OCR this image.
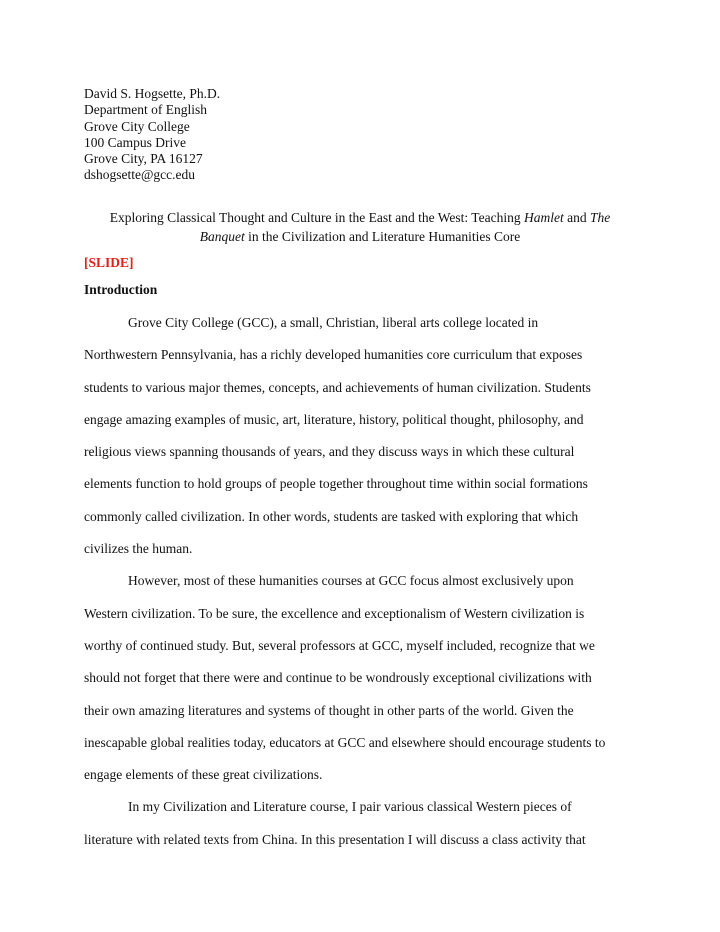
David S. Hogsette, Ph.D.
Department of English
Grove City College
100 Campus Drive
Grove City, PA 16127
dshogsette@gcc.edu
Exploring Classical Thought and Culture in the East and the West: Teaching Hamlet and The
Banquet in the Civilization and Literature Humanities Core
[SLIDE]
Introduction
Grove City College (GCC), a small, Christian, liberal arts college located in
Northwestern Pennsylvania, has a richly developed humanities core curriculum that exposes
students to various major themes, concepts, and achievements of human civilization. Students
engage amazing examples of music, art, literature, history, political thought, philosophy, and
religious views spanning thousands of years, and they discuss ways in which these cultural
elements function to hold groups of people together throughout time within social formations
commonly called civilization. In other words, students are tasked with exploring that which
civilizes the human.
However, most of these humanities courses at GCC focus almost exclusively upon
Western civilization. To be sure, the excellence and exceptionalism of Western civilization is
worthy of continued study. But, several professors at GCC, myself included, recognize that we
should not forget that there were and continue to be wondrously exceptional civilizations with
their own amazing literatures and systems of thought in other parts of the world. Given the
inescapable global realities today, educators at GCC and elsewhere should encourage students to
engage elements of these great civilizations.
In my Civilization and Literature course, I pair various classical Western pieces of
literature with related texts from China. In this presentation I will discuss a class activity that
